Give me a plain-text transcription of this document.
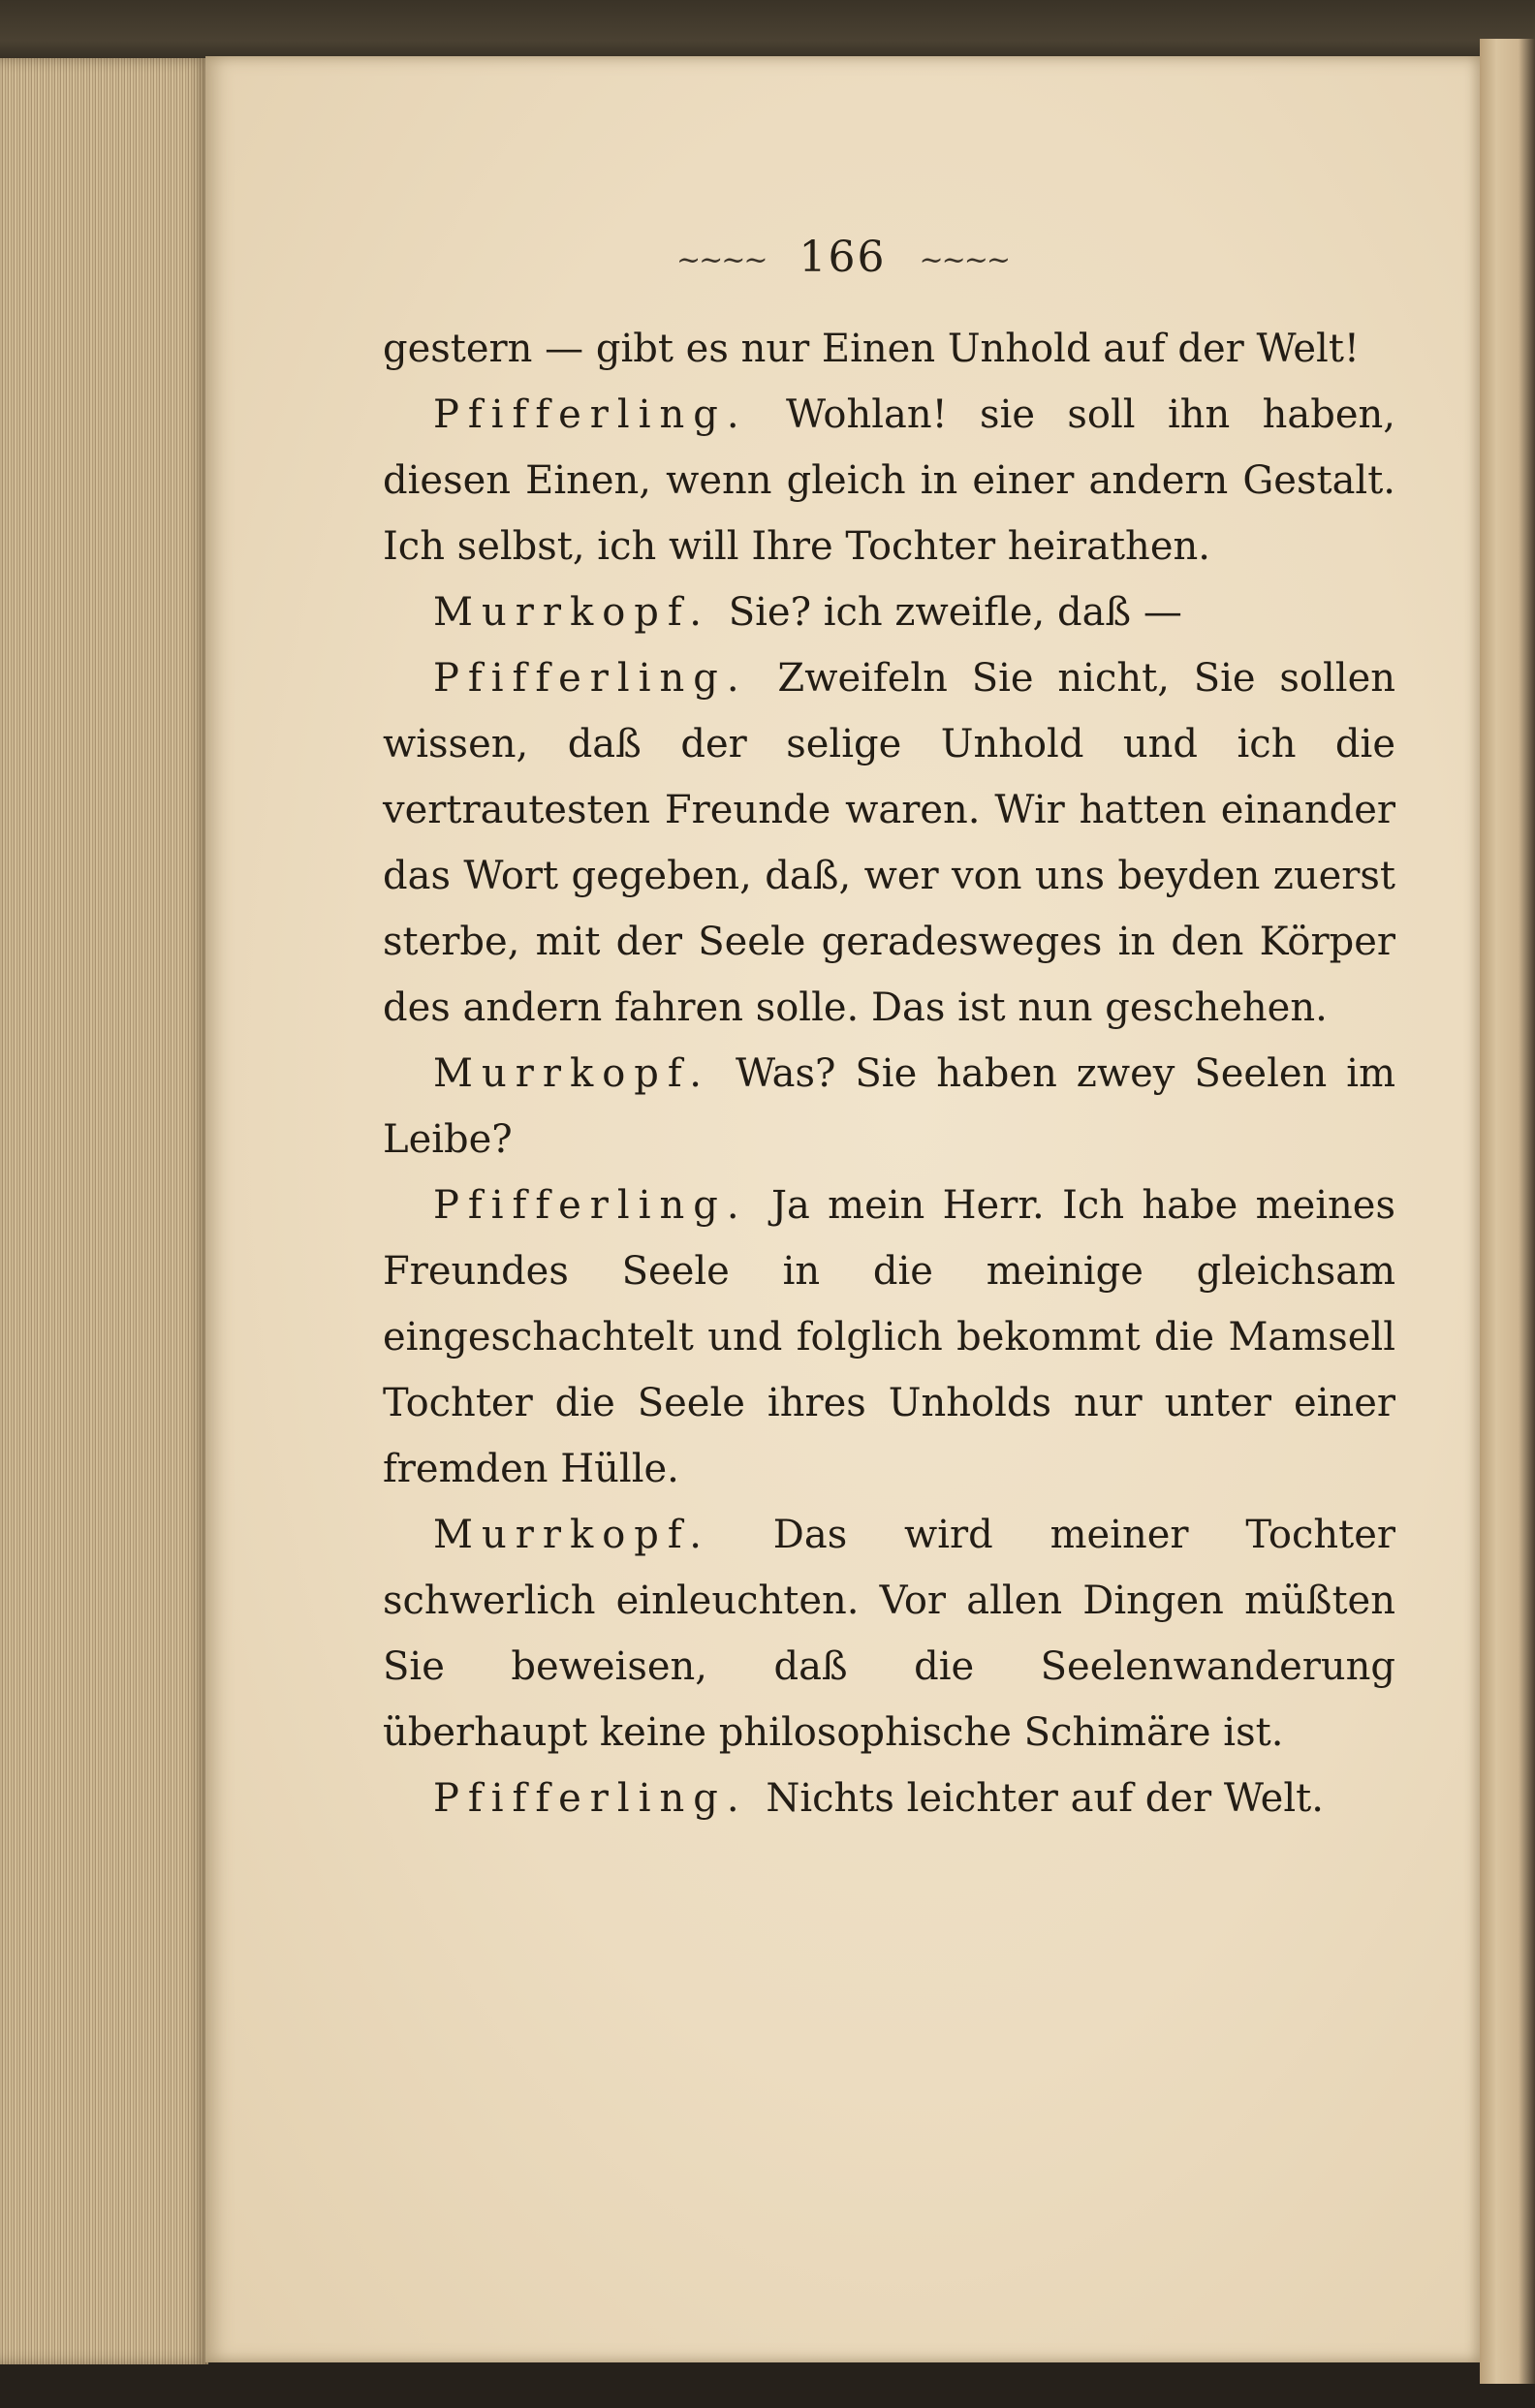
~~~~ 166 ~~~~

gestern — gibt es nur Einen Unhold auf der Welt!

Pfifferling. Wohlan! sie soll ihn haben, diesen Einen, wenn gleich in einer andern Gestalt. Ich selbst, ich will Ihre Tochter heirathen.

Murrkopf. Sie? ich zweifle, daß —

Pfifferling. Zweifeln Sie nicht, Sie sollen wissen, daß der selige Unhold und ich die vertrautesten Freunde waren. Wir hatten einander das Wort gegeben, daß, wer von uns beyden zuerst sterbe, mit der Seele geradesweges in den Körper des andern fahren solle. Das ist nun geschehen.

Murrkopf. Was? Sie haben zwey Seelen im Leibe?

Pfifferling. Ja mein Herr. Ich habe meines Freundes Seele in die meinige gleichsam eingeschachtelt und folglich bekommt die Mamsell Tochter die Seele ihres Unholds nur unter einer fremden Hülle.

Murrkopf. Das wird meiner Tochter schwerlich einleuchten. Vor allen Dingen müßten Sie beweisen, daß die Seelenwanderung überhaupt keine philosophische Schimäre ist.

Pfifferling. Nichts leichter auf der Welt.
